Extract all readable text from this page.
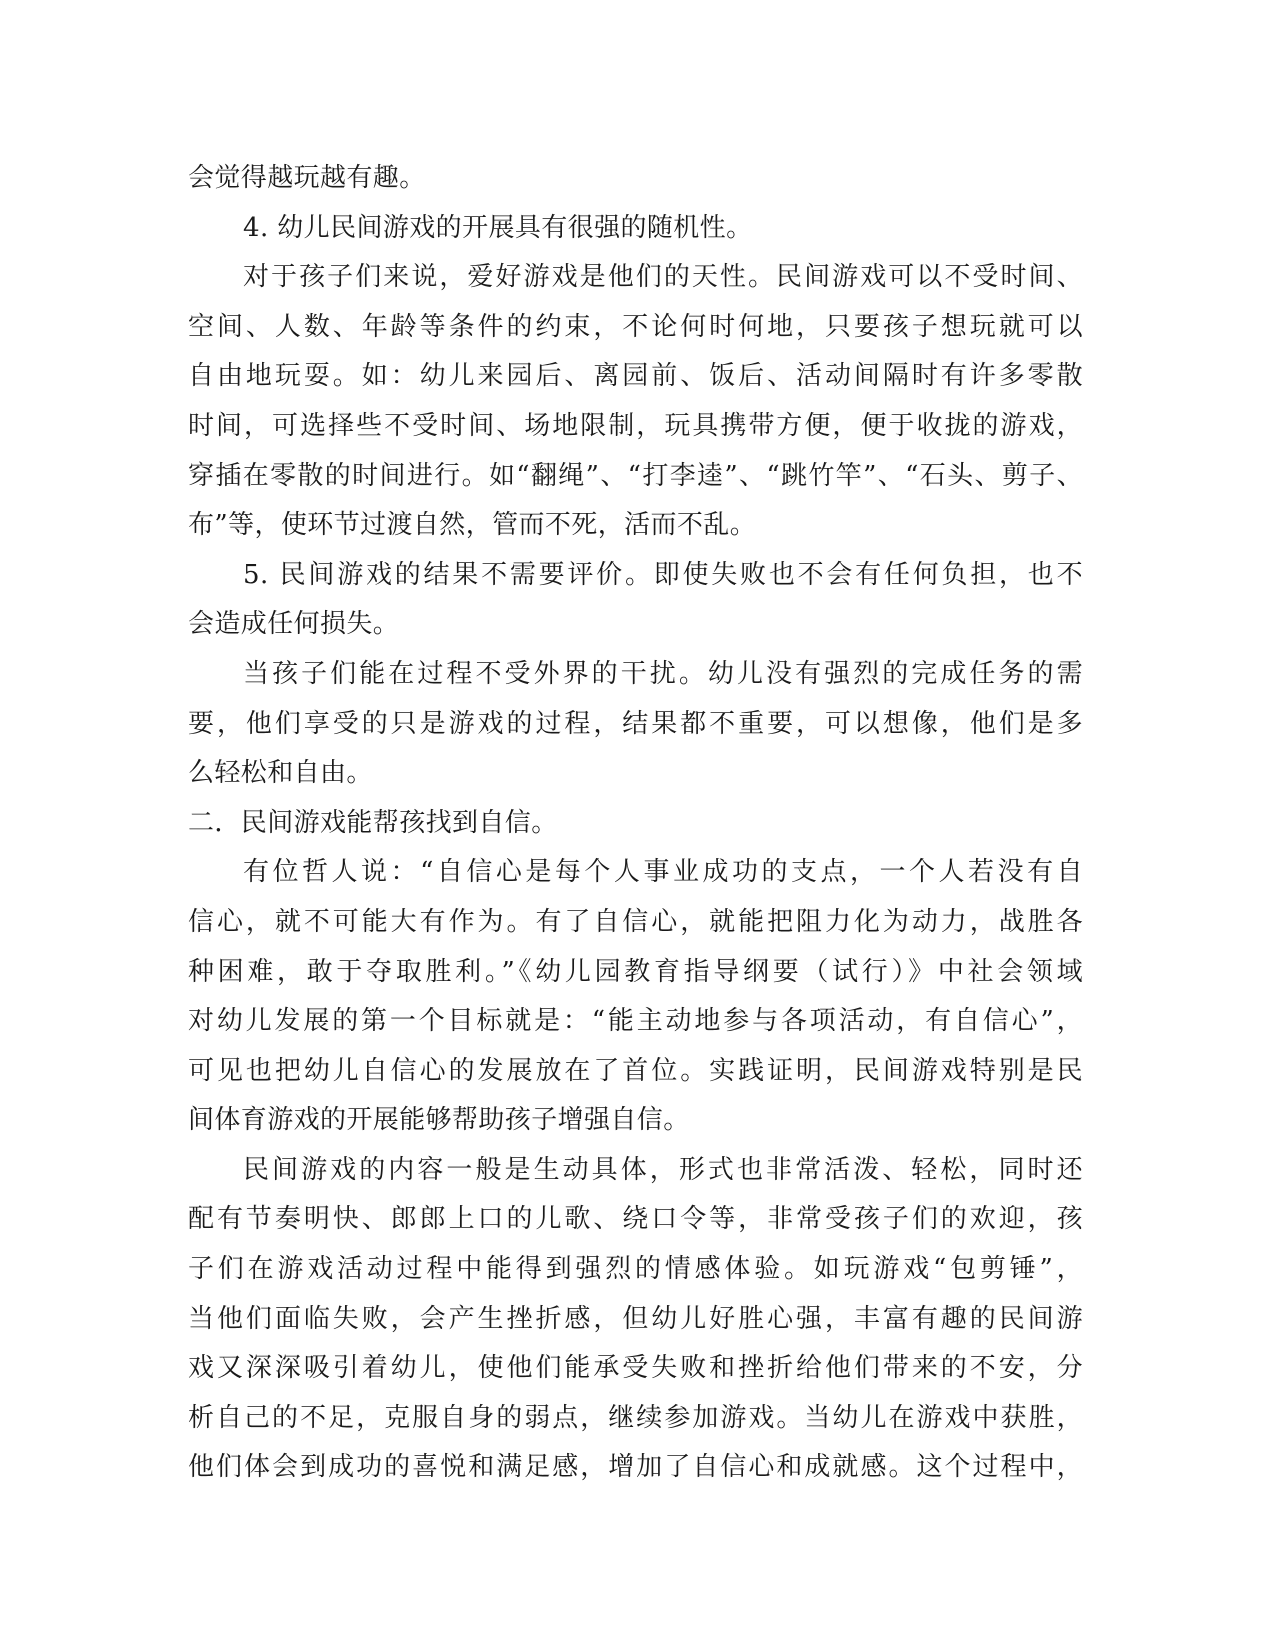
会觉得越玩越有趣。
4. 幼儿民间游戏的开展具有很强的随机性。
对于孩子们来说，爱好游戏是他们的天性。民间游戏可以不受时间、
空间、人数、年龄等条件的约束，不论何时何地，只要孩子想玩就可以
自由地玩耍。如：幼儿来园后、离园前、饭后、活动间隔时有许多零散
时间，可选择些不受时间、场地限制，玩具携带方便，便于收拢的游戏，
穿插在零散的时间进行。如“翻绳”、“打李逵”、“跳竹竿”、“石头、剪子、
布”等，使环节过渡自然，管而不死，活而不乱。
5. 民间游戏的结果不需要评价。即使失败也不会有任何负担，也不
会造成任何损失。
当孩子们能在过程不受外界的干扰。幼儿没有强烈的完成任务的需
要，他们享受的只是游戏的过程，结果都不重要，可以想像，他们是多
么轻松和自由。
二．民间游戏能帮孩找到自信。
有位哲人说：“自信心是每个人事业成功的支点，一个人若没有自
信心，就不可能大有作为。有了自信心，就能把阻力化为动力，战胜各
种困难，敢于夺取胜利。”《幼儿园教育指导纲要（试行）》中社会领域
对幼儿发展的第一个目标就是：“能主动地参与各项活动，有自信心”，
可见也把幼儿自信心的发展放在了首位。实践证明，民间游戏特别是民
间体育游戏的开展能够帮助孩子增强自信。
民间游戏的内容一般是生动具体，形式也非常活泼、轻松，同时还
配有节奏明快、郎郎上口的儿歌、绕口令等，非常受孩子们的欢迎，孩
子们在游戏活动过程中能得到强烈的情感体验。如玩游戏“包剪锤”，
当他们面临失败，会产生挫折感，但幼儿好胜心强，丰富有趣的民间游
戏又深深吸引着幼儿，使他们能承受失败和挫折给他们带来的不安，分
析自己的不足，克服自身的弱点，继续参加游戏。当幼儿在游戏中获胜，
他们体会到成功的喜悦和满足感，增加了自信心和成就感。这个过程中，
